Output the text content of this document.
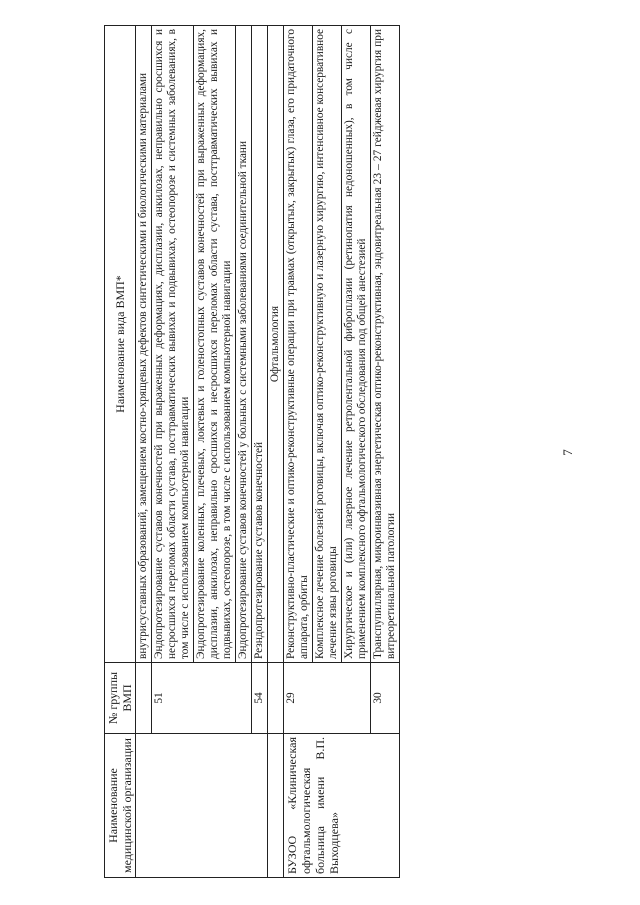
Наименование медицинской организации	№ группы ВМП	Наименование вида ВМП*
		внутрисуставных образований, замещением костно-хрящевых дефектов синтетическими и биологическими материалами
	51	Эндопротезирование суставов конечностей при выраженных деформациях, дисплазии, анкилозах, неправильно сросшихся и несросшихся переломах области сустава, посттравматических вывихах и подвывихах, остеопорозе и системных заболеваниях, в том числе с использованием компьютерной навигации
		Эндопротезирование коленных, плечевых, локтевых и голеностопных суставов конечностей при выраженных деформациях, дисплазии, анкилозах, неправильно сросшихся и несросшихся переломах области сустава, посттравматических вывихах и подвывихах, остеопорозе, в том числе с использованием компьютерной навигации
		Эндопротезирование суставов конечностей у больных с системными заболеваниями соединительной ткани
	54	Резндопротезирование суставов конечностей
		Офтальмология
БУЗОО «Клиническая офтальмологическая больница имени В.П. Выходцева»	29	Реконструктивно-пластические и оптико-реконструктивные операции при травмах (открытых, закрытых) глаза, его придаточного аппарата, орбиты
		Комплексное лечение болезней роговицы, включая оптико-реконструктивную и лазерную хирургию, интенсивное консервативное лечение язвы роговицы
		Хирургическое и (или) лазерное лечение ретролентальной фиброплазии (ретинопатия недоношенных), в том числе с применением комплексного офтальмологического обследования под общей анестезией
	30	Транспупиллярная, микроинвазивная энергетическая оптико-реконструктивная, эндовитреальная 23 – 27 гейджевая хирургия при витреоретинальной патологии
7
